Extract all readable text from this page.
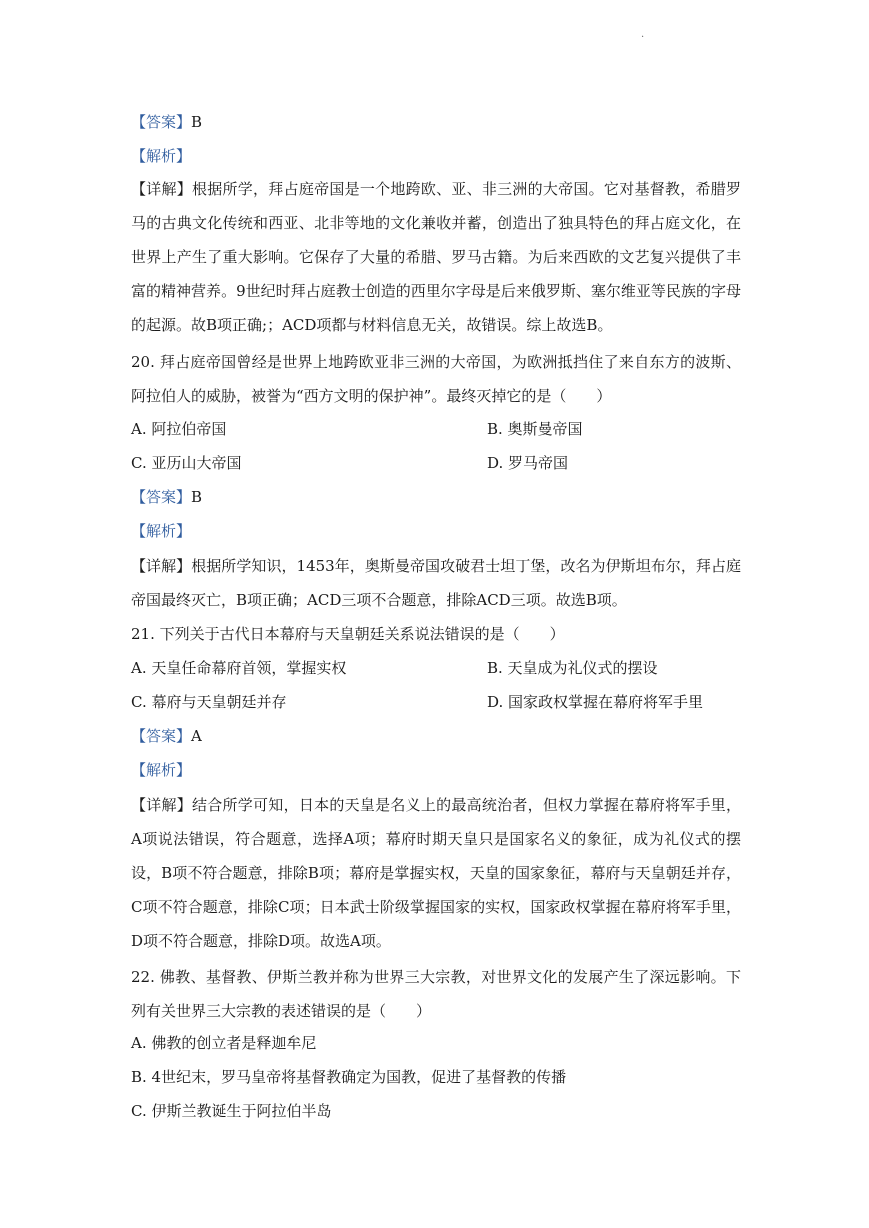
.
【答案】B
【解析】
【详解】根据所学，拜占庭帝国是一个地跨欧、亚、非三洲的大帝国。它对基督教，希腊罗马的古典文化传统和西亚、北非等地的文化兼收并蓄，创造出了独具特色的拜占庭文化，在世界上产生了重大影响。它保存了大量的希腊、罗马古籍。为后来西欧的文艺复兴提供了丰富的精神营养。9世纪时拜占庭教士创造的西里尔字母是后来俄罗斯、塞尔维亚等民族的字母的起源。故B项正确;；ACD项都与材料信息无关，故错误。综上故选B。
20. 拜占庭帝国曾经是世界上地跨欧亚非三洲的大帝国，为欧洲抵挡住了来自东方的波斯、阿拉伯人的威胁，被誉为“西方文明的保护神”。最终灭掉它的是（　　）
A. 阿拉伯帝国	B. 奥斯曼帝国
C. 亚历山大帝国	D. 罗马帝国
【答案】B
【解析】
【详解】根据所学知识，1453年，奥斯曼帝国攻破君士坦丁堡，改名为伊斯坦布尔，拜占庭帝国最终灭亡，B项正确；ACD三项不合题意，排除ACD三项。故选B项。
21. 下列关于古代日本幕府与天皇朝廷关系说法错误的是（　　）
A. 天皇任命幕府首领，掌握实权	B. 天皇成为礼仪式的摆设
C. 幕府与天皇朝廷并存	D. 国家政权掌握在幕府将军手里
【答案】A
【解析】
【详解】结合所学可知，日本的天皇是名义上的最高统治者，但权力掌握在幕府将军手里，A项说法错误，符合题意，选择A项；幕府时期天皇只是国家名义的象征，成为礼仪式的摆设，B项不符合题意，排除B项；幕府是掌握实权，天皇的国家象征，幕府与天皇朝廷并存，C项不符合题意，排除C项；日本武士阶级掌握国家的实权，国家政权掌握在幕府将军手里，D项不符合题意，排除D项。故选A项。
22. 佛教、基督教、伊斯兰教并称为世界三大宗教，对世界文化的发展产生了深远影响。下列有关世界三大宗教的表述错误的是（　　）
A. 佛教的创立者是释迦牟尼
B. 4世纪末，罗马皇帝将基督教确定为国教，促进了基督教的传播
C. 伊斯兰教诞生于阿拉伯半岛
